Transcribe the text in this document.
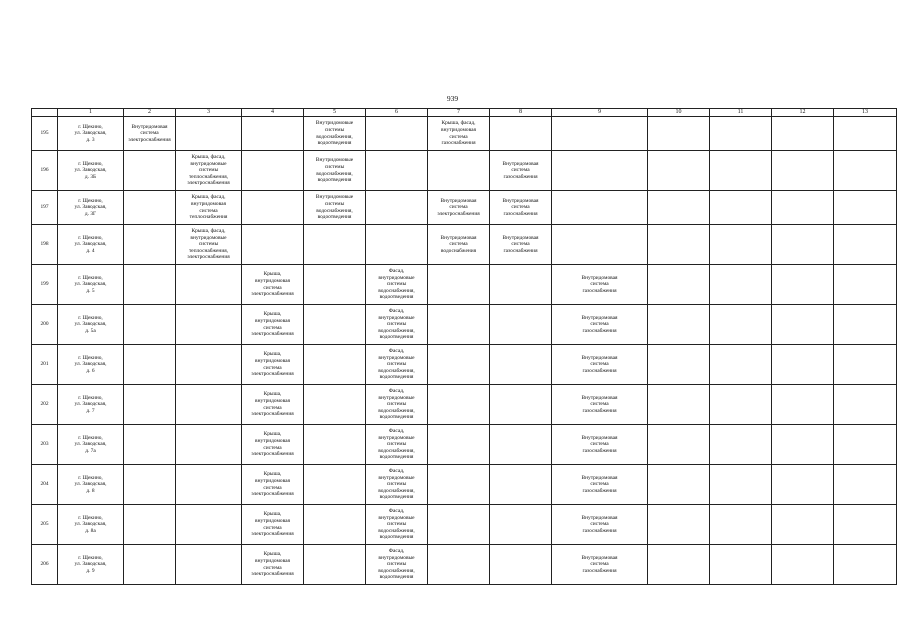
939
	1	2	3	4	5	6	7	8	9	10	11	12	13
195	г. Щекино,
ул. Заводская,
д. 3	Внутридомовая
система
электроснабжения			Внутридомовые
системы
водоснабжения,
водоотведения		Крыша, фасад,
внутридомовая
система
газоснабжения						
196	г. Щекино,
ул. Заводская,
д. 3Б		Крыша, фасад,
внутридомовые
системы
теплоснабжения,
электроснабжения		Внутридомовые
системы
водоснабжения,
водоотведения			Внутридомовая
система
газоснабжения					
197	г. Щекино,
ул. Заводская,
д. 3Г		Крыша, фасад,
внутридомовая
система
теплоснабжения		Внутридомовые
системы
водоснабжения,
водоотведения		Внутридомовая
система
электроснабжения	Внутридомовая
система
газоснабжения					
198	г. Щекино,
ул. Заводская,
д. 4		Крыша, фасад,
внутридомовые
системы
теплоснабжения,
электроснабжения				Внутридомовая
система
водоснабжения	Внутридомовая
система
газоснабжения					
199	г. Щекино,
ул. Заводская,
д. 5			Крыша,
внутридомовая
система
электроснабжения		Фасад,
внутридомовые
системы
водоснабжения,
водоотведения			Внутридомовая
система
газоснабжения				
200	г. Щекино,
ул. Заводская,
д. 5а			Крыша,
внутридомовая
система
электроснабжения		Фасад,
внутридомовые
системы
водоснабжения,
водоотведения			Внутридомовая
система
газоснабжения				
201	г. Щекино,
ул. Заводская,
д. 6			Крыша,
внутридомовая
система
электроснабжения		Фасад,
внутридомовые
системы
водоснабжения,
водоотведения			Внутридомовая
система
газоснабжения				
202	г. Щекино,
ул. Заводская,
д. 7			Крыша,
внутридомовая
система
электроснабжения		Фасад,
внутридомовые
системы
водоснабжения,
водоотведения			Внутридомовая
система
газоснабжения				
203	г. Щекино,
ул. Заводская,
д. 7а			Крыша,
внутридомовая
система
электроснабжения		Фасад,
внутридомовые
системы
водоснабжения,
водоотведения			Внутридомовая
система
газоснабжения				
204	г. Щекино,
ул. Заводская,
д. 8			Крыша,
внутридомовая
система
электроснабжения		Фасад,
внутридомовые
системы
водоснабжения,
водоотведения			Внутридомовая
система
газоснабжения				
205	г. Щекино,
ул. Заводская,
д. 8а			Крыша,
внутридомовая
система
электроснабжения		Фасад,
внутридомовые
системы
водоснабжения,
водоотведения			Внутридомовая
система
газоснабжения				
206	г. Щекино,
ул. Заводская,
д. 9			Крыша,
внутридомовая
система
электроснабжения		Фасад,
внутридомовые
системы
водоснабжения,
водоотведения			Внутридомовая
система
газоснабжения				
